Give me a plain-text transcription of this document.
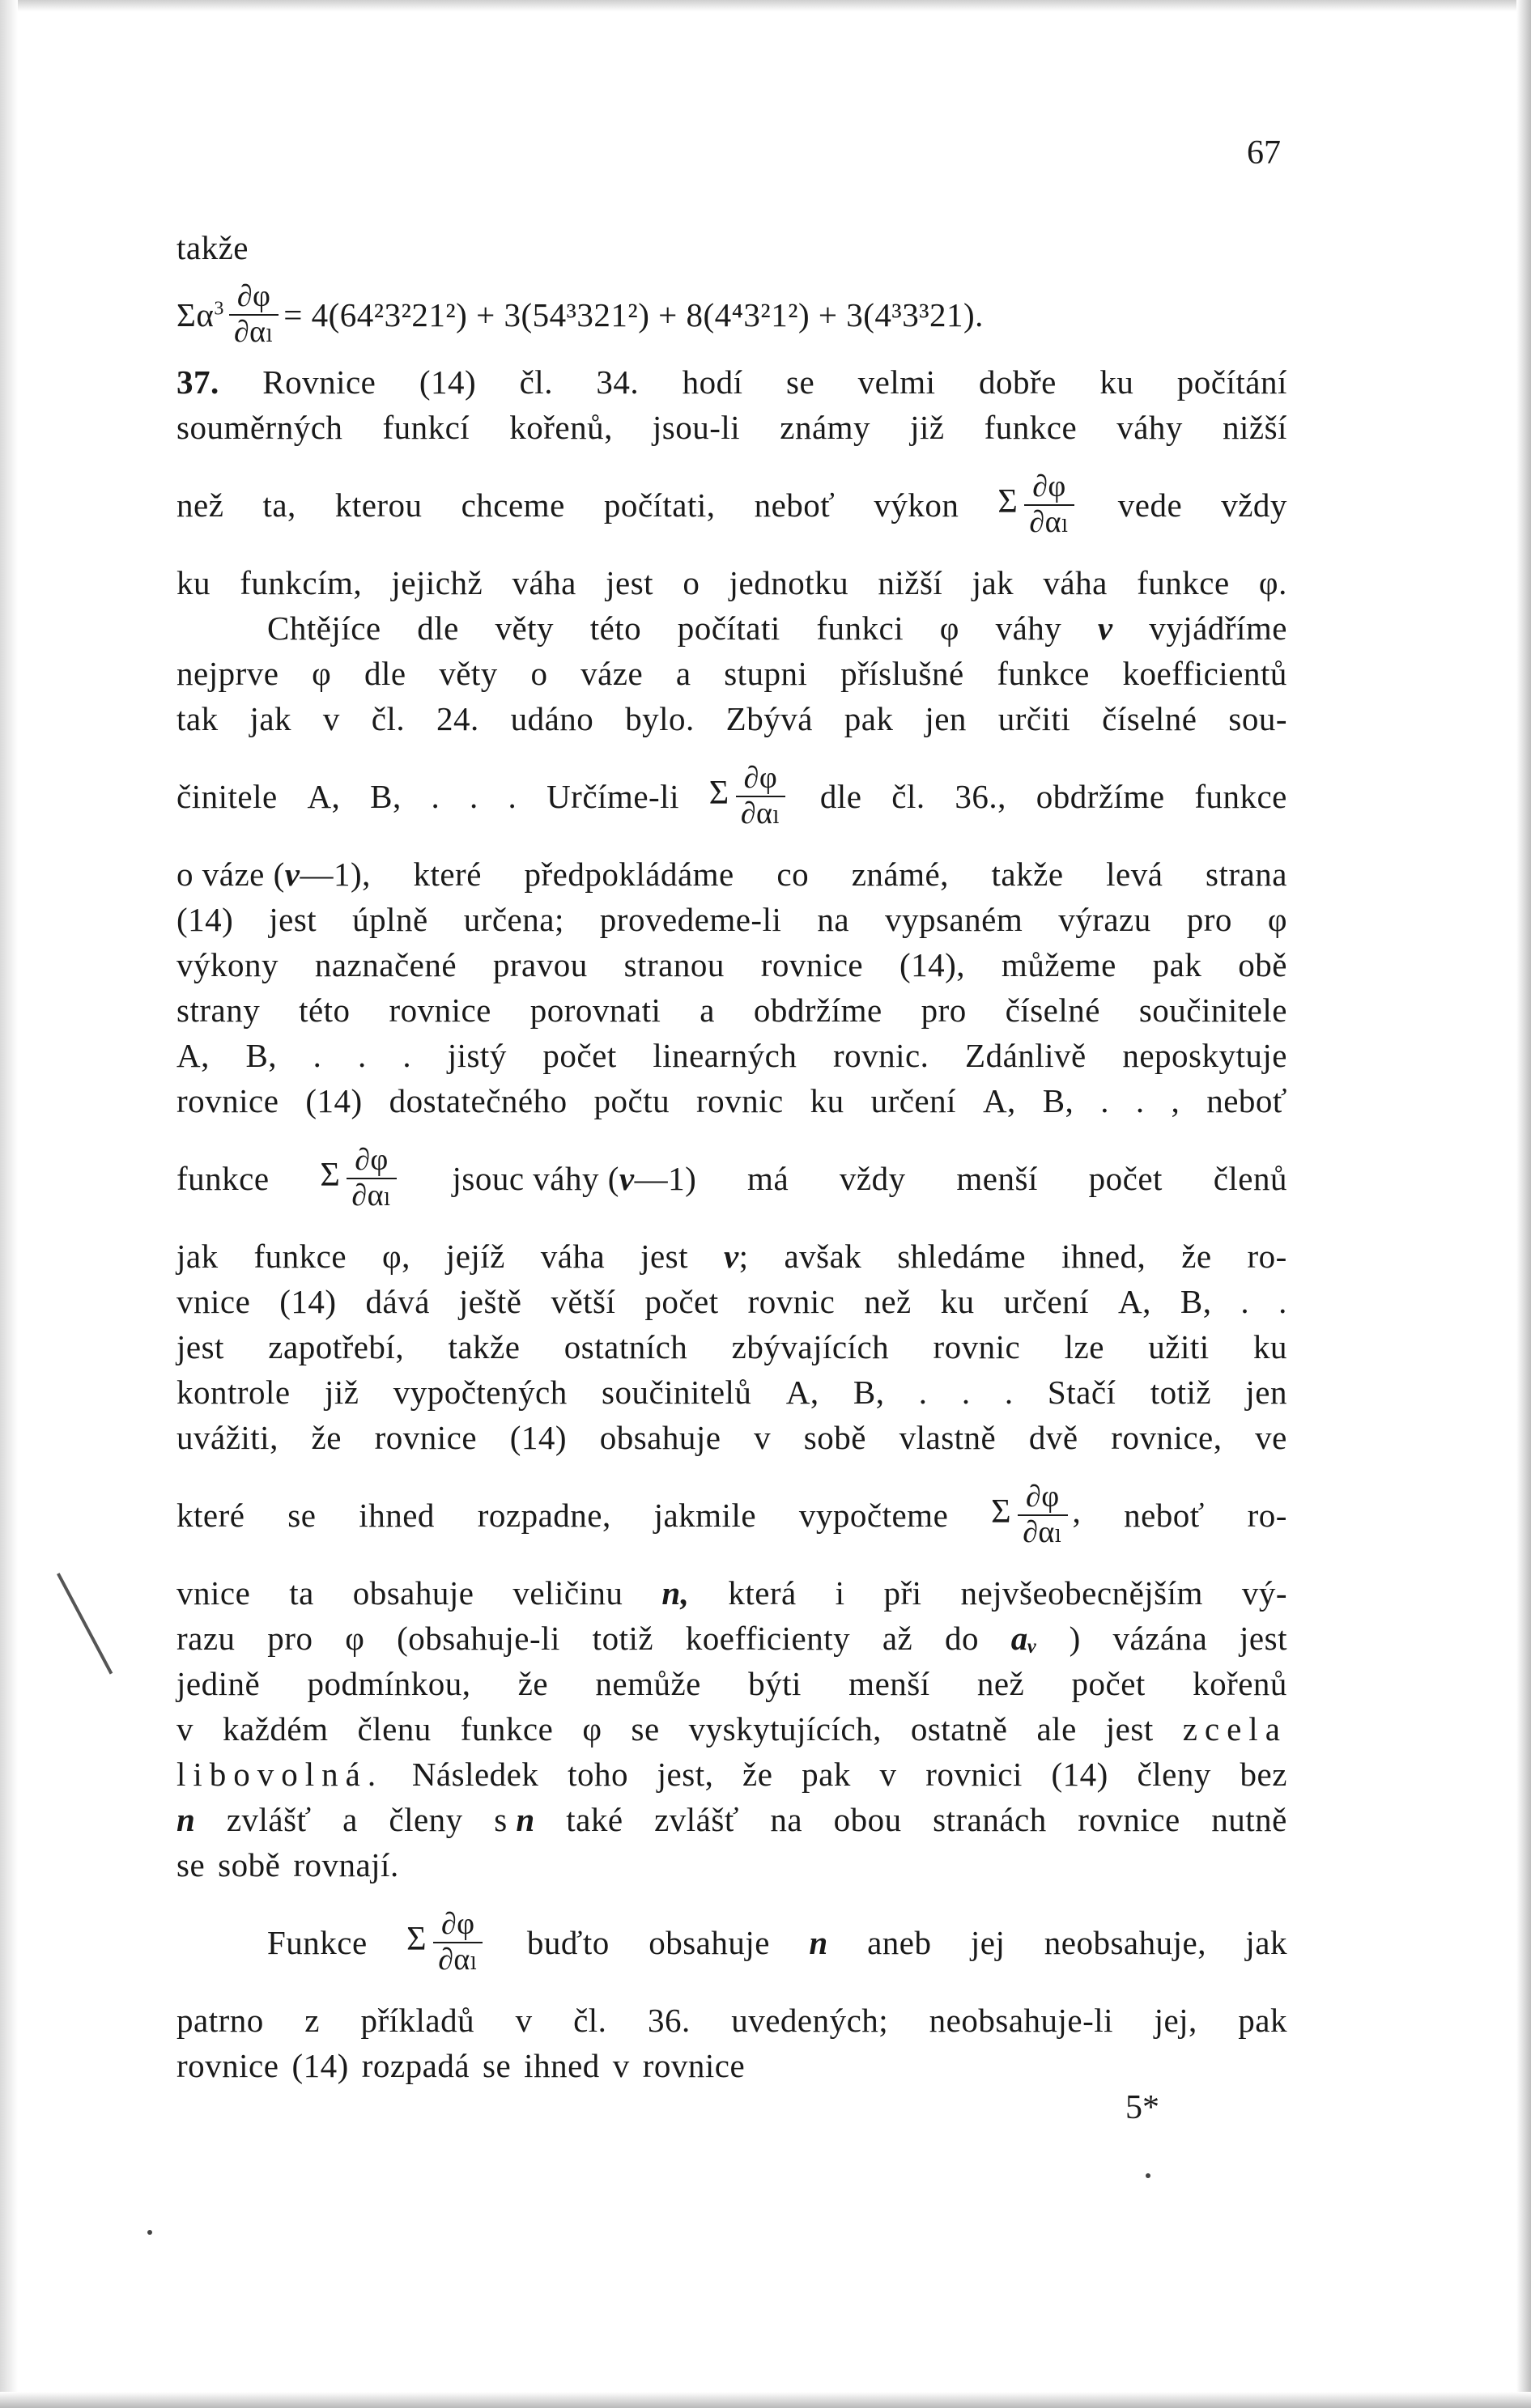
67
takže
$\Sigma\alpha^3 \frac{\partial\varphi}{\text{∂αₗ}} = 4(64^23^221^2) + 3(54^3321^2) + 8(4^43^21^2) + 3(4^33^321)$.
37. Rovnice (14) čl. 34. hodí se velmi dobře ku počítání
souměrných funkcí kořenů, jsou-li známy již funkce váhy nižší
než ta, kterou chceme počítati, neboť výkon Σ $\frac{\partial\varphi}{\text{∂αₗ}}$ vede vždy
ku funkcím, jejichž váha jest o jednotku nižší jak váha funkce φ.
Chtějíce dle věty této počítati funkci φ váhy v vyjádříme
nejprve φ dle věty o váze a stupni příslušné funkce koefficientů
tak jak v čl. 24. udáno bylo. Zbývá pak jen určiti číselné sou-
činitele A, B, . . . Určíme-li Σ $\frac{\partial\varphi}{\text{∂αₗ}}$ dle čl. 36., obdržíme funkce
o váze (v—1), které předpokládáme co známé, takže levá strana
(14) jest úplně určena; provedeme-li na vypsaném výrazu pro φ
výkony naznačené pravou stranou rovnice (14), můžeme pak obě
strany této rovnice porovnati a obdržíme pro číselné součinitele
A, B, . . . jistý počet linearných rovnic. Zdánlivě neposkytuje
rovnice (14) dostatečného počtu rovnic ku určení A, B, . . , neboť
funkce Σ $\frac{\partial\varphi}{\text{∂αₗ}}$ jsouc váhy (v—1) má vždy menší počet členů
jak funkce φ, jejíž váha jest v; avšak shledáme ihned, že ro-
vnice (14) dává ještě větší počet rovnic než ku určení A, B, . .
jest zapotřebí, takže ostatních zbývajících rovnic lze užiti ku
kontrole již vypočtených součinitelů A, B, . . . Stačí totiž jen
uvážiti, že rovnice (14) obsahuje v sobě vlastně dvě rovnice, ve
které se ihned rozpadne, jakmile vypočteme Σ $\frac{\partial\varphi}{\text{∂αₗ}}$ , neboť ro-
vnice ta obsahuje veličinu n, která i při nejvšeobecnějším vý-
razu pro φ (obsahuje-li totiž koefficienty až do aᵥ ) vázána jest
jedině podmínkou, že nemůže býti menší než počet kořenů
v každém členu funkce φ se vyskytujících, ostatně ale jest zcela
libovolná. Následek toho jest, že pak v rovnici (14) členy bez
n zvlášť a členy s n také zvlášť na obou stranách rovnice nutně
se sobě rovnají.
Funkce Σ $\frac{\partial\varphi}{\text{∂αₗ}}$ buďto obsahuje n aneb jej neobsahuje, jak
patrno z příkladů v čl. 36. uvedených; neobsahuje-li jej, pak
rovnice (14) rozpadá se ihned v rovnice
5*
